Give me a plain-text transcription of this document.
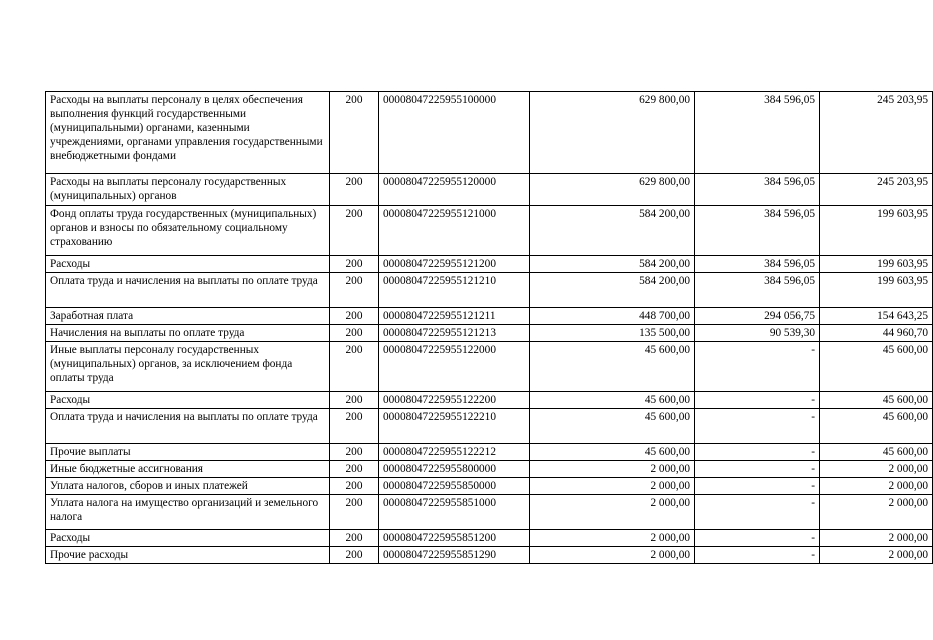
Расходы на выплаты персоналу в целях обеспечения выполнения функций государственными (муниципальными) органами, казенными учреждениями, органами управления государственными внебюджетными фондами	200	00008047225955100000	629 800,00	384 596,05	245 203,95
Расходы на выплаты персоналу государственных (муниципальных) органов	200	00008047225955120000	629 800,00	384 596,05	245 203,95
Фонд оплаты труда государственных (муниципальных) органов и взносы по обязательному социальному страхованию	200	00008047225955121000	584 200,00	384 596,05	199 603,95
Расходы	200	00008047225955121200	584 200,00	384 596,05	199 603,95
Оплата труда и начисления на выплаты по оплате труда	200	00008047225955121210	584 200,00	384 596,05	199 603,95
Заработная плата	200	00008047225955121211	448 700,00	294 056,75	154 643,25
Начисления на выплаты по оплате труда	200	00008047225955121213	135 500,00	90 539,30	44 960,70
Иные выплаты персоналу государственных (муниципальных) органов, за исключением фонда оплаты труда	200	00008047225955122000	45 600,00	-	45 600,00
Расходы	200	00008047225955122200	45 600,00	-	45 600,00
Оплата труда и начисления на выплаты по оплате труда	200	00008047225955122210	45 600,00	-	45 600,00
Прочие выплаты	200	00008047225955122212	45 600,00	-	45 600,00
Иные бюджетные ассигнования	200	00008047225955800000	2 000,00	-	2 000,00
Уплата налогов, сборов и иных платежей	200	00008047225955850000	2 000,00	-	2 000,00
Уплата налога на имущество организаций и земельного налога	200	00008047225955851000	2 000,00	-	2 000,00
Расходы	200	00008047225955851200	2 000,00	-	2 000,00
Прочие расходы	200	00008047225955851290	2 000,00	-	2 000,00
